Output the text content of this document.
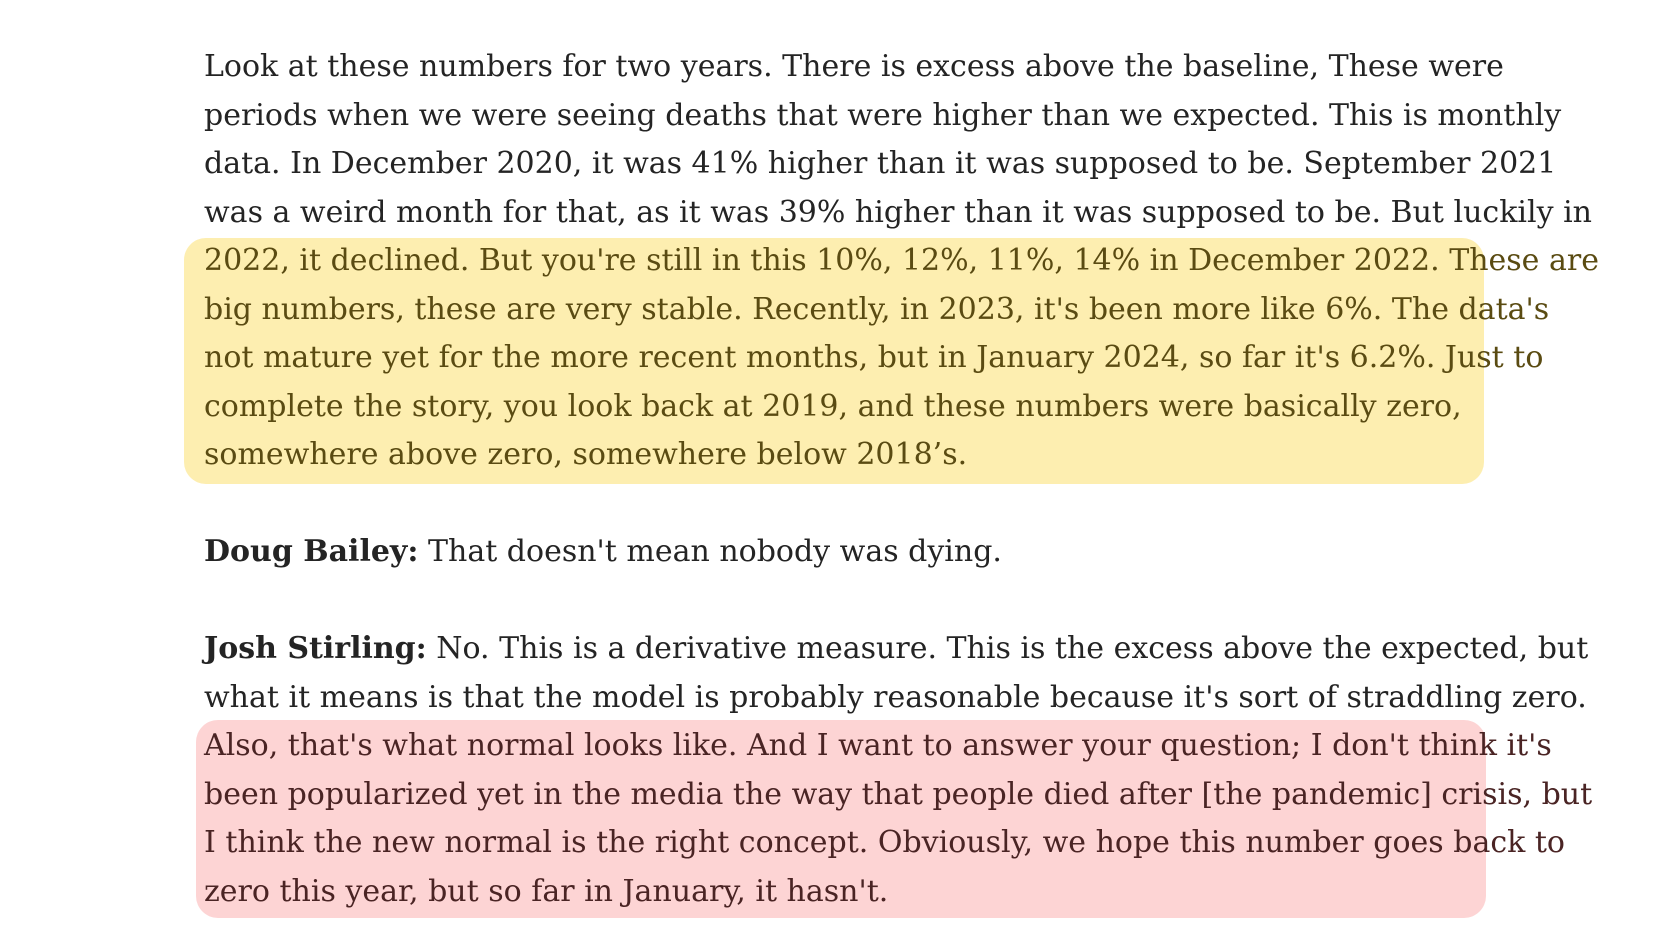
Look at these numbers for two years. There is excess above the baseline, These were
periods when we were seeing deaths that were higher than we expected. This is monthly
data. In December 2020, it was 41% higher than it was supposed to be. September 2021
was a weird month for that, as it was 39% higher than it was supposed to be. But luckily in
2022, it declined. But you're still in this 10%, 12%, 11%, 14% in December 2022. These are
big numbers, these are very stable. Recently, in 2023, it's been more like 6%. The data's
not mature yet for the more recent months, but in January 2024, so far it's 6.2%. Just to
complete the story, you look back at 2019, and these numbers were basically zero,
somewhere above zero, somewhere below 2018’s.
Doug Bailey: That doesn't mean nobody was dying.
Josh Stirling: No. This is a derivative measure. This is the excess above the expected, but
what it means is that the model is probably reasonable because it's sort of straddling zero.
Also, that's what normal looks like. And I want to answer your question; I don't think it's
been popularized yet in the media the way that people died after [the pandemic] crisis, but
I think the new normal is the right concept. Obviously, we hope this number goes back to
zero this year, but so far in January, it hasn't.
